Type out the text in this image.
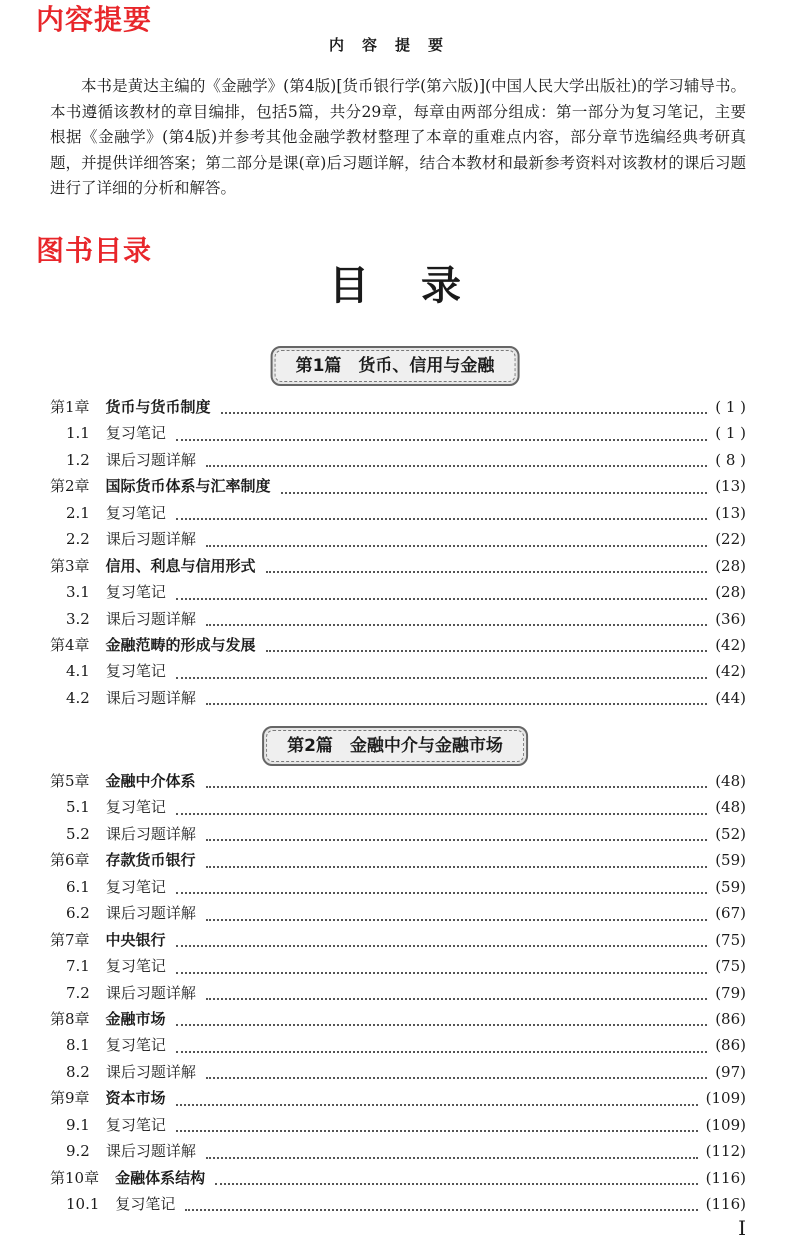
内容提要
内容提要
本书是黄达主编的《金融学》(第4版)[货币银行学(第六版)](中国人民大学出版社)的学习辅导书。本书遵循该教材的章目编排，包括5篇，共分29章，每章由两部分组成：第一部分为复习笔记，主要根据《金融学》(第4版)并参考其他金融学教材整理了本章的重难点内容，部分章节选编经典考研真题，并提供详细答案；第二部分是课(章)后习题详解，结合本教材和最新参考资料对该教材的课后习题进行了详细的分析和解答。
图书目录
目录
第1篇　货币、信用与金融
第1章 货币与货币制度	( 1 )
1.1 复习笔记	( 1 )
1.2 课后习题详解	( 8 )
第2章 国际货币体系与汇率制度	(13)
2.1 复习笔记	(13)
2.2 课后习题详解	(22)
第3章 信用、利息与信用形式	(28)
3.1 复习笔记	(28)
3.2 课后习题详解	(36)
第4章 金融范畴的形成与发展	(42)
4.1 复习笔记	(42)
4.2 课后习题详解	(44)
第2篇　金融中介与金融市场
第5章 金融中介体系	(48)
5.1 复习笔记	(48)
5.2 课后习题详解	(52)
第6章 存款货币银行	(59)
6.1 复习笔记	(59)
6.2 课后习题详解	(67)
第7章 中央银行	(75)
7.1 复习笔记	(75)
7.2 课后习题详解	(79)
第8章 金融市场	(86)
8.1 复习笔记	(86)
8.2 课后习题详解	(97)
第9章 资本市场	(109)
9.1 复习笔记	(109)
9.2 课后习题详解	(112)
第10章 金融体系结构	(116)
10.1 复习笔记	(116)
I
